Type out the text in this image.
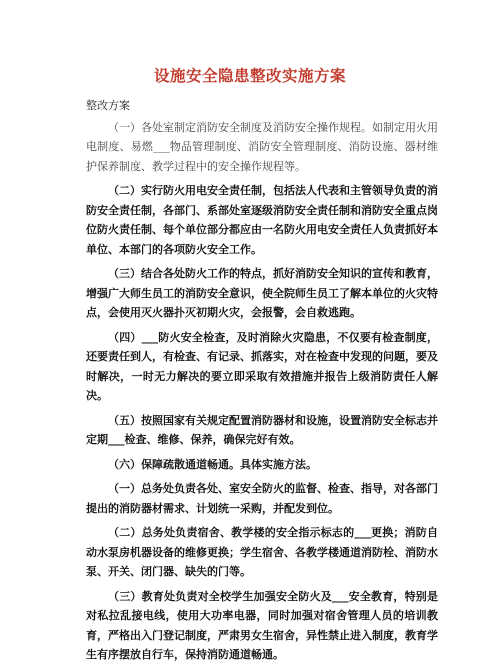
设施安全隐患整改实施方案

整改方案

（一）各处室制定消防安全制度及消防安全操作规程。如制定用火用电制度、易燃___物品管理制度、消防安全管理制度、消防设施、器材维护保养制度、教学过程中的安全操作规程等。

（二）实行防火用电安全责任制，包括法人代表和主管领导负责的消防安全责任制，各部门、系部处室逐级消防安全责任制和消防安全重点岗位防火责任制、每个单位部分都应由一名防火用电安全责任人负责抓好本单位、本部门的各项防火安全工作。

（三）结合各处防火工作的特点，抓好消防安全知识的宣传和教育，增强广大师生员工的消防安全意识，使全院师生员工了解本单位的火灾特点，会使用灭火器扑灭初期火灾，会报警，会自救逃跑。

（四）___防火安全检查，及时消除火灾隐患，不仅要有检查制度，还要责任到人，有检查、有记录、抓落实，对在检查中发现的问题，要及时解决，一时无力解决的要立即采取有效措施并报告上级消防责任人解决。

（五）按照国家有关规定配置消防器材和设施，设置消防安全标志并定期___检查、维修、保养，确保完好有效。

（六）保障疏散通道畅通。具体实施方法。

（一）总务处负责各处、室安全防火的监督、检查、指导，对各部门提出的消防器材需求、计划统一采购，并配发到位。

（二）总务处负责宿舍、教学楼的安全指示标志的___更换；消防自动水泵房机器设备的维修更换；学生宿舍、各教学楼通道消防栓、消防水泵、开关、闭门器、缺失的门等。

（三）教育处负责对全校学生加强安全防火及___安全教育，特别是对私拉乱接电线，使用大功率电器，同时加强对宿舍管理人员的培训教育，严格出入门登记制度，严肃男女生宿舍，异性禁止进入制度，教育学生有序摆放自行车，保持消防通道畅通。
